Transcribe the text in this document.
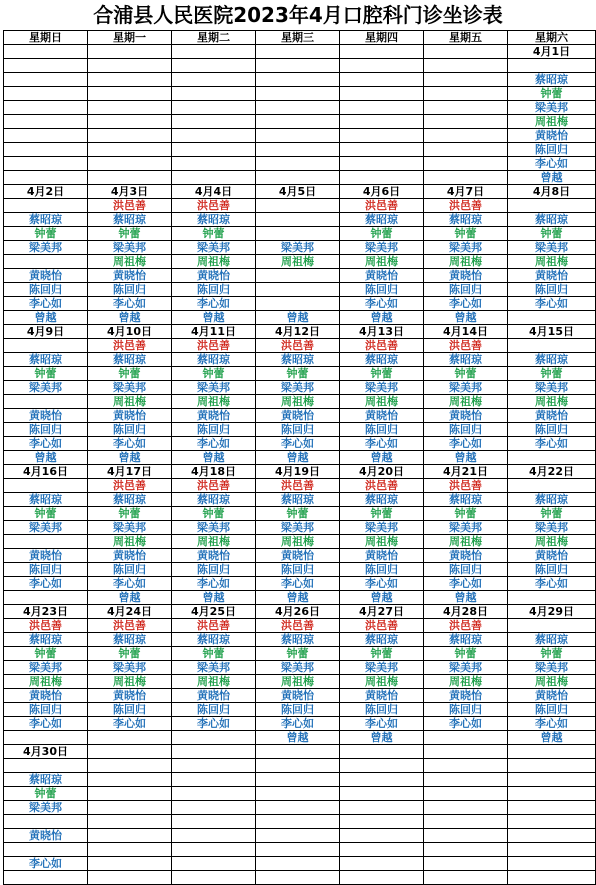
合浦县人民医院2023年4月口腔科门诊坐诊表
星期日	星期一	星期二	星期三	星期四	星期五	星期六
						4月1日

						蔡昭琼
						钟蕾
						梁美邦
						周祖梅
						黄晓怡
						陈回归
						李心如
						曾越
4月2日	4月3日	4月4日	4月5日	4月6日	4月7日	4月8日
	洪邑善	洪邑善		洪邑善	洪邑善	
蔡昭琼	蔡昭琼	蔡昭琼		蔡昭琼	蔡昭琼	蔡昭琼
钟蕾	钟蕾	钟蕾		钟蕾	钟蕾	钟蕾
梁美邦	梁美邦	梁美邦	梁美邦	梁美邦	梁美邦	梁美邦
	周祖梅	周祖梅	周祖梅	周祖梅	周祖梅	周祖梅
黄晓怡	黄晓怡	黄晓怡		黄晓怡	黄晓怡	黄晓怡
陈回归	陈回归	陈回归		陈回归	陈回归	陈回归
李心如	李心如	李心如		李心如	李心如	李心如
曾越	曾越	曾越	曾越	曾越	曾越	
4月9日	4月10日	4月11日	4月12日	4月13日	4月14日	4月15日
	洪邑善	洪邑善	洪邑善	洪邑善	洪邑善	
蔡昭琼	蔡昭琼	蔡昭琼	蔡昭琼	蔡昭琼	蔡昭琼	蔡昭琼
钟蕾	钟蕾	钟蕾	钟蕾	钟蕾	钟蕾	钟蕾
梁美邦	梁美邦	梁美邦	梁美邦	梁美邦	梁美邦	梁美邦
	周祖梅	周祖梅	周祖梅	周祖梅	周祖梅	周祖梅
黄晓怡	黄晓怡	黄晓怡	黄晓怡	黄晓怡	黄晓怡	黄晓怡
陈回归	陈回归	陈回归	陈回归	陈回归	陈回归	陈回归
李心如	李心如	李心如	李心如	李心如	李心如	李心如
曾越	曾越	曾越	曾越	曾越	曾越	
4月16日	4月17日	4月18日	4月19日	4月20日	4月21日	4月22日
	洪邑善	洪邑善	洪邑善	洪邑善	洪邑善	
蔡昭琼	蔡昭琼	蔡昭琼	蔡昭琼	蔡昭琼	蔡昭琼	蔡昭琼
钟蕾	钟蕾	钟蕾	钟蕾	钟蕾	钟蕾	钟蕾
梁美邦	梁美邦	梁美邦	梁美邦	梁美邦	梁美邦	梁美邦
	周祖梅	周祖梅	周祖梅	周祖梅	周祖梅	周祖梅
黄晓怡	黄晓怡	黄晓怡	黄晓怡	黄晓怡	黄晓怡	黄晓怡
陈回归	陈回归	陈回归	陈回归	陈回归	陈回归	陈回归
李心如	李心如	李心如	李心如	李心如	李心如	李心如
	曾越	曾越	曾越	曾越	曾越	
4月23日	4月24日	4月25日	4月26日	4月27日	4月28日	4月29日
洪邑善	洪邑善	洪邑善	洪邑善	洪邑善	洪邑善	
蔡昭琼	蔡昭琼	蔡昭琼	蔡昭琼	蔡昭琼	蔡昭琼	蔡昭琼
钟蕾	钟蕾	钟蕾	钟蕾	钟蕾	钟蕾	钟蕾
梁美邦	梁美邦	梁美邦	梁美邦	梁美邦	梁美邦	梁美邦
周祖梅	周祖梅	周祖梅	周祖梅	周祖梅	周祖梅	周祖梅
黄晓怡	黄晓怡	黄晓怡	黄晓怡	黄晓怡	黄晓怡	黄晓怡
陈回归	陈回归	陈回归	陈回归	陈回归	陈回归	陈回归
李心如	李心如	李心如	李心如	李心如	李心如	李心如
			曾越	曾越		曾越
4月30日						

蔡昭琼						
钟蕾						
梁美邦						

黄晓怡						

李心如						
